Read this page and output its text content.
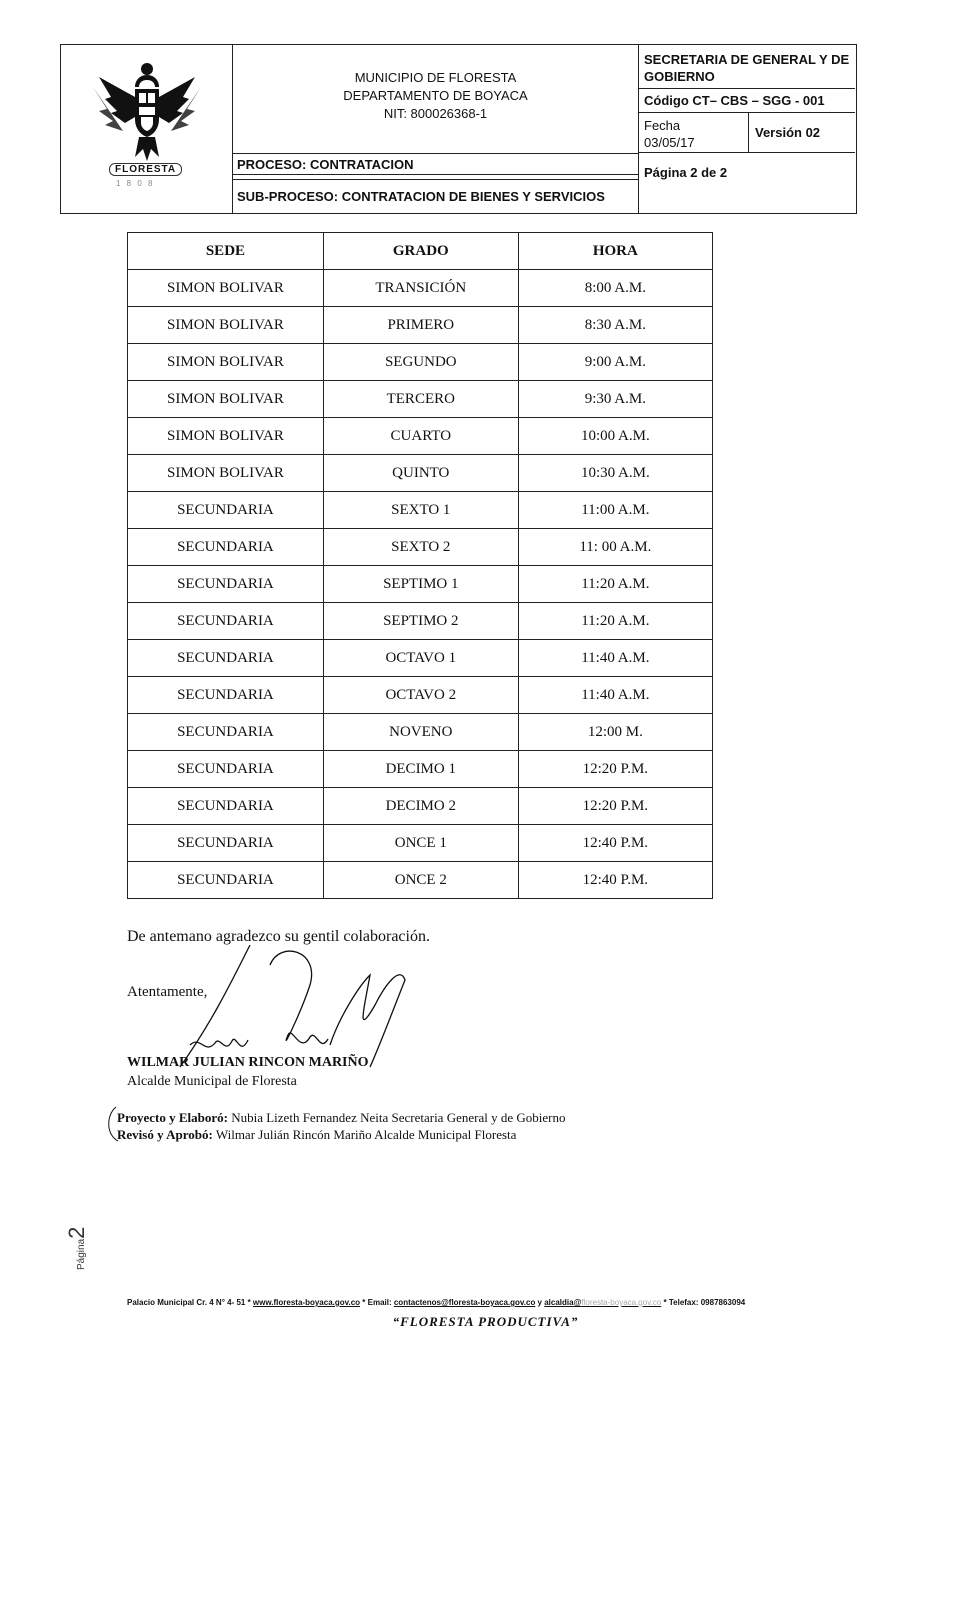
FLORESTA
1 8 0 8
MUNICIPIO DE FLORESTA
DEPARTAMENTO DE BOYACA
NIT: 800026368-1
PROCESO: CONTRATACION
SUB-PROCESO: CONTRATACION DE BIENES Y SERVICIOS
SECRETARIA DE GENERAL Y DE GOBIERNO
Código CT– CBS – SGG - 001
Fecha
03/05/17
Versión 02
Página 2 de 2
SEDE	GRADO	HORA
SIMON BOLIVAR	TRANSICIÓN	8:00 A.M.
SIMON BOLIVAR	PRIMERO	8:30 A.M.
SIMON BOLIVAR	SEGUNDO	9:00 A.M.
SIMON BOLIVAR	TERCERO	9:30 A.M.
SIMON BOLIVAR	CUARTO	10:00 A.M.
SIMON BOLIVAR	QUINTO	10:30 A.M.
SECUNDARIA	SEXTO 1	11:00 A.M.
SECUNDARIA	SEXTO 2	11: 00 A.M.
SECUNDARIA	SEPTIMO 1	11:20 A.M.
SECUNDARIA	SEPTIMO 2	11:20 A.M.
SECUNDARIA	OCTAVO 1	11:40 A.M.
SECUNDARIA	OCTAVO 2	11:40 A.M.
SECUNDARIA	NOVENO	12:00 M.
SECUNDARIA	DECIMO 1	12:20 P.M.
SECUNDARIA	DECIMO 2	12:20 P.M.
SECUNDARIA	ONCE 1	12:40 P.M.
SECUNDARIA	ONCE 2	12:40 P.M.
De antemano agradezco su gentil colaboración.
Atentamente,
WILMAR JULIAN RINCON MARIÑO
Alcalde Municipal de Floresta
Proyecto y Elaboró: Nubia Lizeth Fernandez Neita Secretaria General y de Gobierno
Revisó y Aprobó: Wilmar Julián Rincón Mariño Alcalde Municipal Floresta
Página2
Palacio Municipal Cr. 4 N° 4- 51 * www.floresta-boyaca.gov.co * Email: contactenos@floresta-boyaca.gov.co y alcaldia@floresta-boyaca.gov.co * Telefax: 0987863094
“FLORESTA PRODUCTIVA”
